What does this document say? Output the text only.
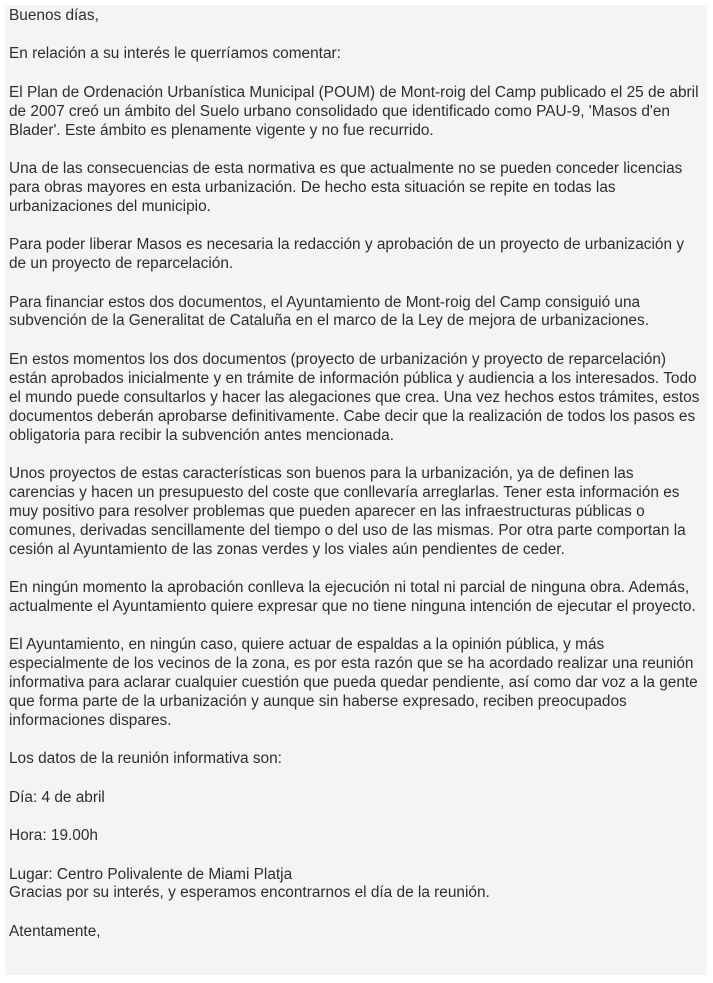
Buenos días,

En relación a su interés le querríamos comentar:

El Plan de Ordenación Urbanística Municipal (POUM) de Mont-roig del Camp publicado el 25 de abril de 2007 creó un ámbito del Suelo urbano consolidado que identificado como PAU-9, 'Masos d'en Blader'. Este ámbito es plenamente vigente y no fue recurrido.

Una de las consecuencias de esta normativa es que actualmente no se pueden conceder licencias para obras mayores en esta urbanización. De hecho esta situación se repite en todas las urbanizaciones del municipio.

Para poder liberar Masos es necesaria la redacción y aprobación de un proyecto de urbanización y de un proyecto de reparcelación.

Para financiar estos dos documentos, el Ayuntamiento de Mont-roig del Camp consiguió una subvención de la Generalitat de Cataluña en el marco de la Ley de mejora de urbanizaciones.

En estos momentos los dos documentos (proyecto de urbanización y proyecto de reparcelación) están aprobados inicialmente y en trámite de información pública y audiencia a los interesados. Todo el mundo puede consultarlos y hacer las alegaciones que crea. Una vez hechos estos trámites, estos documentos deberán aprobarse definitivamente. Cabe decir que la realización de todos los pasos es obligatoria para recibir la subvención antes mencionada.

Unos proyectos de estas características son buenos para la urbanización, ya de definen las carencias y hacen un presupuesto del coste que conllevaría arreglarlas. Tener esta información es muy positivo para resolver problemas que pueden aparecer en las infraestructuras públicas o comunes, derivadas sencillamente del tiempo o del uso de las mismas. Por otra parte comportan la cesión al Ayuntamiento de las zonas verdes y los viales aún pendientes de ceder.

En ningún momento la aprobación conlleva la ejecución ni total ni parcial de ninguna obra. Además, actualmente el Ayuntamiento quiere expresar que no tiene ninguna intención de ejecutar el proyecto.

El Ayuntamiento, en ningún caso, quiere actuar de espaldas a la opinión pública, y más especialmente de los vecinos de la zona, es por esta razón que se ha acordado realizar una reunión informativa para aclarar cualquier cuestión que pueda quedar pendiente, así como dar voz a la gente que forma parte de la urbanización y aunque sin haberse expresado, reciben preocupados informaciones dispares.

Los datos de la reunión informativa son:

Día: 4 de abril

Hora: 19.00h

Lugar: Centro Polivalente de Miami Platja

Gracias por su interés, y esperamos encontrarnos el día de la reunión.

Atentamente,
